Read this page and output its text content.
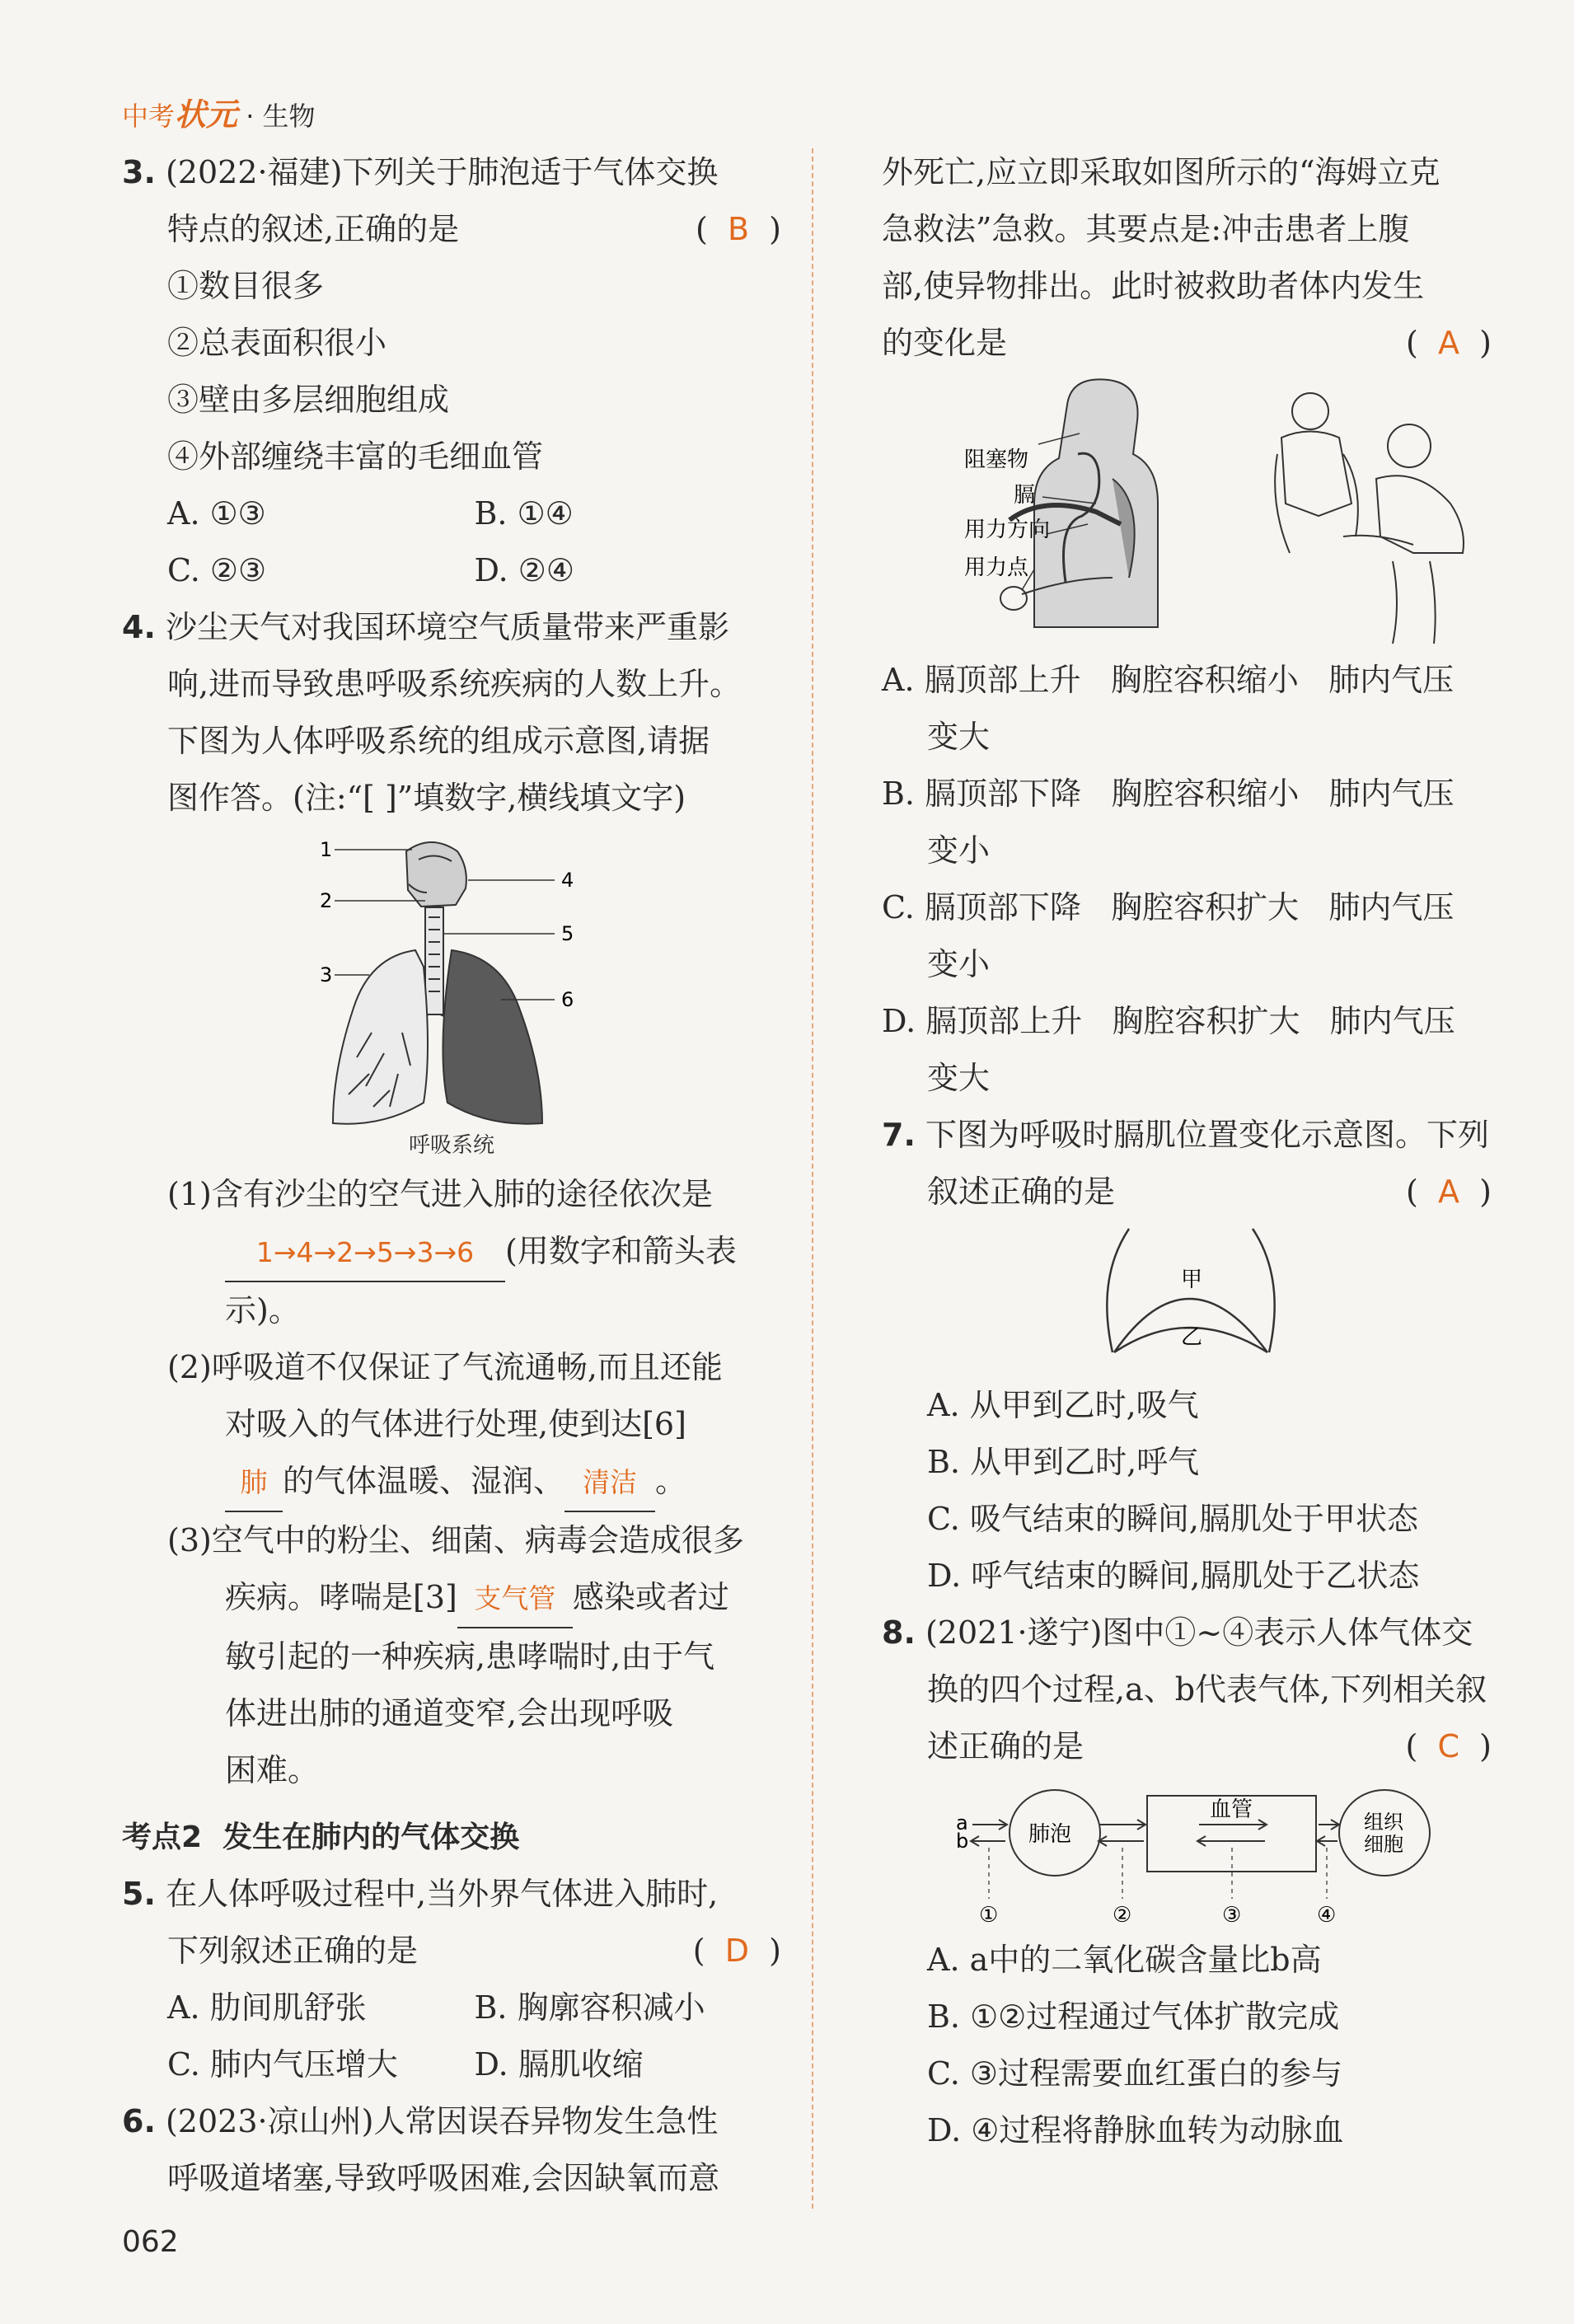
中考状元 · 生物
3. (2022·福建)下列关于肺泡适于气体交换
特点的叙述,正确的是	(  B  )
①数目很多
②总表面积很小
③壁由多层细胞组成
④外部缠绕丰富的毛细血管
A. ①③	B. ①④
C. ②③	D. ②④
4. 沙尘天气对我国环境空气质量带来严重影
响,进而导致患呼吸系统疾病的人数上升。
下图为人体呼吸系统的组成示意图,请据
图作答。(注:“[ ]”填数字,横线填文字)
1
2
3
4
5
6
呼吸系统
(1)含有沙尘的空气进入肺的途径依次是
1→4→2→5→3→6 (用数字和箭头表
示)。
(2)呼吸道不仅保证了气流通畅,而且还能
对吸入的气体进行处理,使到达[6]
肺 的气体温暖、湿润、 清洁 。
(3)空气中的粉尘、细菌、病毒会造成很多
疾病。哮喘是[3] 支气管 感染或者过
敏引起的一种疾病,患哮喘时,由于气
体进出肺的通道变窄,会出现呼吸
困难。
考点2 发生在肺内的气体交换
5. 在人体呼吸过程中,当外界气体进入肺时,
下列叙述正确的是	(  D  )
A. 肋间肌舒张	B. 胸廓容积减小
C. 肺内气压增大	D. 膈肌收缩
6. (2023·凉山州)人常因误吞异物发生急性
呼吸道堵塞,导致呼吸困难,会因缺氧而意
外死亡,应立即采取如图所示的“海姆立克
急救法”急救。其要点是:冲击患者上腹
部,使异物排出。此时被救助者体内发生
的变化是	(  A  )
阻塞物
膈
用力方向
用力点
A. 膈顶部上升 胸腔容积缩小 肺内气压
变大
B. 膈顶部下降 胸腔容积缩小 肺内气压
变小
C. 膈顶部下降 胸腔容积扩大 肺内气压
变小
D. 膈顶部上升 胸腔容积扩大 肺内气压
变大
7. 下图为呼吸时膈肌位置变化示意图。下列
叙述正确的是	(  A  )
甲
乙
A. 从甲到乙时,吸气
B. 从甲到乙时,呼气
C. 吸气结束的瞬间,膈肌处于甲状态
D. 呼气结束的瞬间,膈肌处于乙状态
8. (2021·遂宁)图中①~④表示人体气体交
换的四个过程,a、b代表气体,下列相关叙
述正确的是	(  C  )
a
b	肺泡
血管	组织
细胞
①	②	③	④
A. a中的二氧化碳含量比b高
B. ①②过程通过气体扩散完成
C. ③过程需要血红蛋白的参与
D. ④过程将静脉血转为动脉血
062
